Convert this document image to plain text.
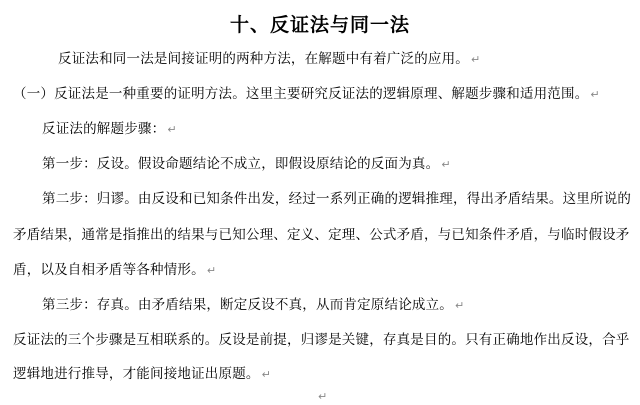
十、反证法与同一法
反证法和同一法是间接证明的两种方法，在解题中有着广泛的应用。 ↵
（一）反证法是一种重要的证明方法。这里主要研究反证法的逻辑原理、解题步骤和适用范围。 ↵
反证法的解题步骤： ↵
第一步：反设。假设命题结论不成立，即假设原结论的反面为真。 ↵
第二步：归谬。由反设和已知条件出发，经过一系列正确的逻辑推理，得出矛盾结果。这里所说的
矛盾结果，通常是指推出的结果与已知公理、定义、定理、公式矛盾，与已知条件矛盾，与临时假设矛
盾，以及自相矛盾等各种情形。 ↵
第三步：存真。由矛盾结果，断定反设不真，从而肯定原结论成立。 ↵
反证法的三个步骤是互相联系的。反设是前提，归谬是关键，存真是目的。只有正确地作出反设，合乎
逻辑地进行推导，才能间接地证出原题。 ↵
↵
